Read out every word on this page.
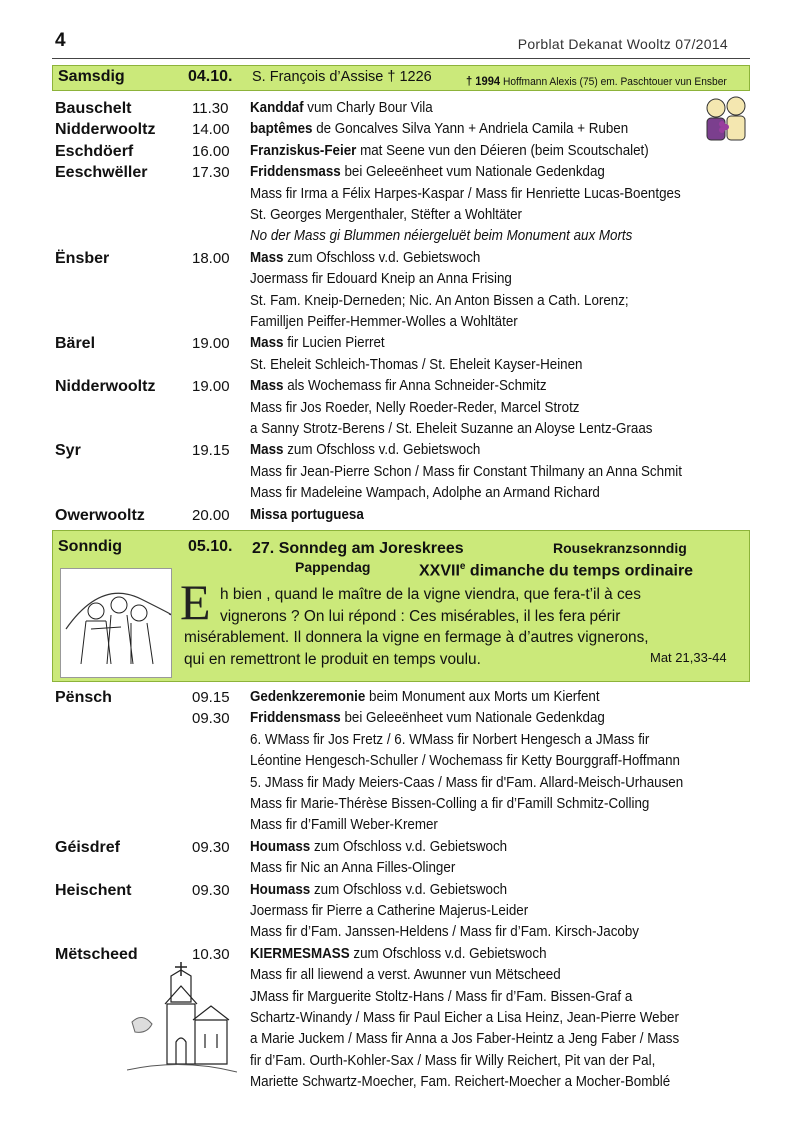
4	Porblat Dekanat Wooltz 07/2014
Samsdig	04.10. S. François d’Assise † 1226	† 1994 Hoffmann Alexis (75) em. Paschtouer vun Ensber
Bauschelt	11.30 Kanddaf vum Charly Bour Vila
Nidderwooltz 14.00 baptêmes de Goncalves Silva Yann + Andriela Camila + Ruben
Eschdöerf	16.00 Franziskus-Feier mat Seene vun den Déieren (beim Scoutschalet)
Eeschwëller	17.30 Friddensmass bei Geleeënheet vum Nationale Gedenkdag
Mass fir Irma a Félix Harpes-Kaspar / Mass fir Henriette Lucas-Boentges
St. Georges Mergenthaler, Stëfter a Wohltäter
No der Mass gi Blummen néiergeluët beim Monument aux Morts
Ënsber	18.00 Mass zum Ofschloss v.d. Gebietswoch
Joermass fir Edouard Kneip an Anna Frising
St. Fam. Kneip-Derneden; Nic. An Anton Bissen a Cath. Lorenz;
Familljen Peiffer-Hemmer-Wolles a Wohltäter
Bärel	19.00 Mass fir Lucien Pierret
St. Eheleit Schleich-Thomas / St. Eheleit Kayser-Heinen
Nidderwooltz 19.00 Mass als Wochemass fir Anna Schneider-Schmitz
Mass fir Jos Roeder, Nelly Roeder-Reder, Marcel Strotz
a Sanny Strotz-Berens / St. Eheleit Suzanne an Aloyse Lentz-Graas
Syr	19.15 Mass zum Ofschloss v.d. Gebietswoch
Mass fir Jean-Pierre Schon / Mass fir Constant Thilmany an Anna Schmit
Mass fir Madeleine Wampach, Adolphe an Armand Richard
Owerwooltz	20.00 Missa portuguesa
Sonndig	05.10. 27. Sonndeg am Joreskrees	Rousekranzsonndig
Pappendag	XXVIIe dimanche du temps ordinaire
E h bien , quand le maître de la vigne viendra, que fera-t’il à ces
vignerons ? On lui répond : Ces misérables, il les fera périr
misérablement. Il donnera la vigne en fermage à d’autres vignerons,
qui en remettront le produit en temps voulu.	Mat 21,33-44
Pënsch	09.15 Gedenkzeremonie beim Monument aux Morts um Kierfent
09.30 Friddensmass bei Geleeënheet vum Nationale Gedenkdag
6. WMass fir Jos Fretz / 6. WMass fir Norbert Hengesch a JMass fir
Léontine Hengesch-Schuller / Wochemass fir Ketty Bourggraff-Hoffmann
5. JMass fir Mady Meiers-Caas / Mass fir d'Fam. Allard-Meisch-Urhausen
Mass fir Marie-Thérèse Bissen-Colling a fir d’Famill Schmitz-Colling
Mass fir d’Famill Weber-Kremer
Géisdref	09.30 Houmass zum Ofschloss v.d. Gebietswoch
Mass fir Nic an Anna Filles-Olinger
Heischent	09.30 Houmass zum Ofschloss v.d. Gebietswoch
Joermass fir Pierre a Catherine Majerus-Leider
Mass fir d’Fam. Janssen-Heldens / Mass fir d’Fam. Kirsch-Jacoby
Mëtscheed	10.30 KIERMESMASS zum Ofschloss v.d. Gebietswoch
Mass fir all liewend a verst. Awunner vun Mëtscheed
JMass fir Marguerite Stoltz-Hans / Mass fir d’Fam. Bissen-Graf a
Schartz-Winandy / Mass fir Paul Eicher a Lisa Heinz, Jean-Pierre Weber
a Marie Juckem / Mass fir Anna a Jos Faber-Heintz a Jeng Faber / Mass
fir d’Fam. Ourth-Kohler-Sax / Mass fir Willy Reichert, Pit van der Pal,
Mariette Schwartz-Moecher, Fam. Reichert-Moecher a Mocher-Bomblé
